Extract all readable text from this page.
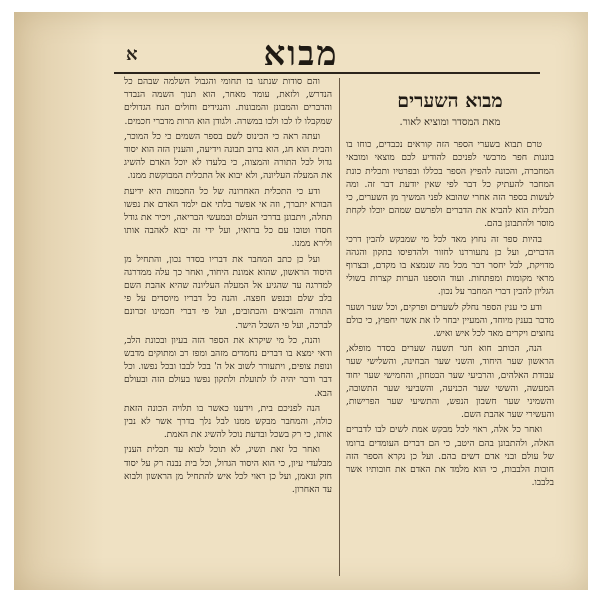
א	מבוא
מבוא השערים
מאת המסדר ומוציא לאור.

טרם תבוא בשערי הספר הזה קוראים נכבדים, כוחו בו בוננות חפר מרבשי לפניכם להודיע לכם מוצאי ומובאי המחברה, והכונה להפיץ הספר בכללו ובפרטיו ותכלית כונת המחבר להעתיק כל דבר לפי שאין יודעת דבר זה. ומה לעשות בספר הזה אחרי שהובא לפני המשיך מן השערים, כי תכלית הוא להביא את הדברים ולפרשם שמהם יוכלו לקחת מוסר ולהתבונן בהם.

בהיות ספר זה נחוץ מאד לכל מי שמבקש להבין דרכי הדברים, ועל כן נתעוררנו לחזור ולהדפיסו בתקון והגהה מדויקת, לבל יחסר דבר מכל מה שנמצא בו מקדם, ובצרוף מראי מקומות ומפתחות. ועוד הוספנו הערות קצרות בשולי הגליון להבין דברי המחבר על נכון.

ודע כי ענין הספר נחלק לשערים ופרקים, וכל שער ושער מדבר בענין מיוחד, והמעיין יבחר לו את אשר יחפוץ, כי כולם נחוצים ויקרים מאד לכל איש ואיש.

הנה, הכותב חוא חגר תשעה שערים בסדר מופלא, הראשון שער היחוד, והשני שער הבחינה, והשלישי שער עבודת האלהים, והרביעי שער הבטחון, והחמישי שער יחוד המעשה, והששי שער הכניעה, והשביעי שער התשובה, והשמיני שער חשבון הנפש, והתשיעי שער הפרישות, והעשירי שער אהבת השם.

ואחר כל אלה, ראוי לכל מבקש אמת לשים לבו לדברים האלה, ולהתבונן בהם היטב, כי הם דברים העומדים ברומו של עולם ובני אדם דשים בהם. ועל כן נקרא הספר הזה חובות הלבבות, כי הוא מלמד את האדם את חובותיו אשר בלבבו.

והם סודות שנתנו בו תחומי והגבול השלמה שבהם כל הנדרש, ולזאת, עומד מאחר, הוא תנוך השמה הנבדר והדברים והמבונן והמבונות. והנגידים וחולים הנח הגדולים שמקבלו לו לבו ולבו במשרה. ולגודן הוא הרות מדברי חכמים.

ועתה ראה כי הכינוס לשם בספר השמים כי כל המוכר, והבית הוא חג, הוא ברוב תבונה וידיעה, והענין הזה הוא יסוד גדול לכל התורה והמצוה, כי בלעדו לא יוכל האדם להשיג את המעלה העליונה, ולא יבוא אל התכלית המבוקשת ממנו.

ודע כי התכלית האחרונה של כל החכמות היא ידיעת הבורא יתברך, וזה אי אפשר בלתי אם ילמד האדם את נפשו תחלה, ויתבונן בדרכי העולם ובמעשי הבריאה, ויכיר את גודל חסדו וטובו עם כל ברואיו, ועל ידי זה יבוא לאהבה אותו ולירא ממנו.

ועל כן כתב המחבר את דבריו בסדר נכון, והתחיל מן היסוד הראשון, שהוא אמונת היחוד, ואחר כך עלה ממדרגה למדרגה עד שהגיע אל המעלה העליונה שהיא אהבת השם בלב שלם ובנפש חפצה. והנה כל דבריו מיוסדים על פי התורה והנביאים והכתובים, ועל פי דברי חכמינו זכרונם לברכה, ועל פי השכל הישר.

והנה, כל מי שיקרא את הספר הזה בעיון ובכונת הלב, ודאי ימצא בו דברים נחמדים מזהב ומפז רב ומתוקים מדבש ונופת צופים, ויתעורר לשוב אל ה' בכל לבבו ובכל נפשו. וכל דבר ודבר יהיה לו לתועלת ולתקון נפשו בעולם הזה ובעולם הבא.

הנה לפניכם בית, וידענו כאשר בו תלויה הכונה הזאת כולה, והמחבר מבקש ממנו לבל נלך בדרך אשר לא נבין אותו, כי רק בשכל ובדעת נוכל להשיג את האמת.

ואחר כל זאת תשיג, לא תוכל לבוא עד תכלית הענין מבלעדי עיון, כי הוא היסוד הגדול, וכל בית נבנה רק על יסוד חזק ונאמן, ועל כן ראוי לכל איש להתחיל מן הראשון ולבוא עד האחרון.
